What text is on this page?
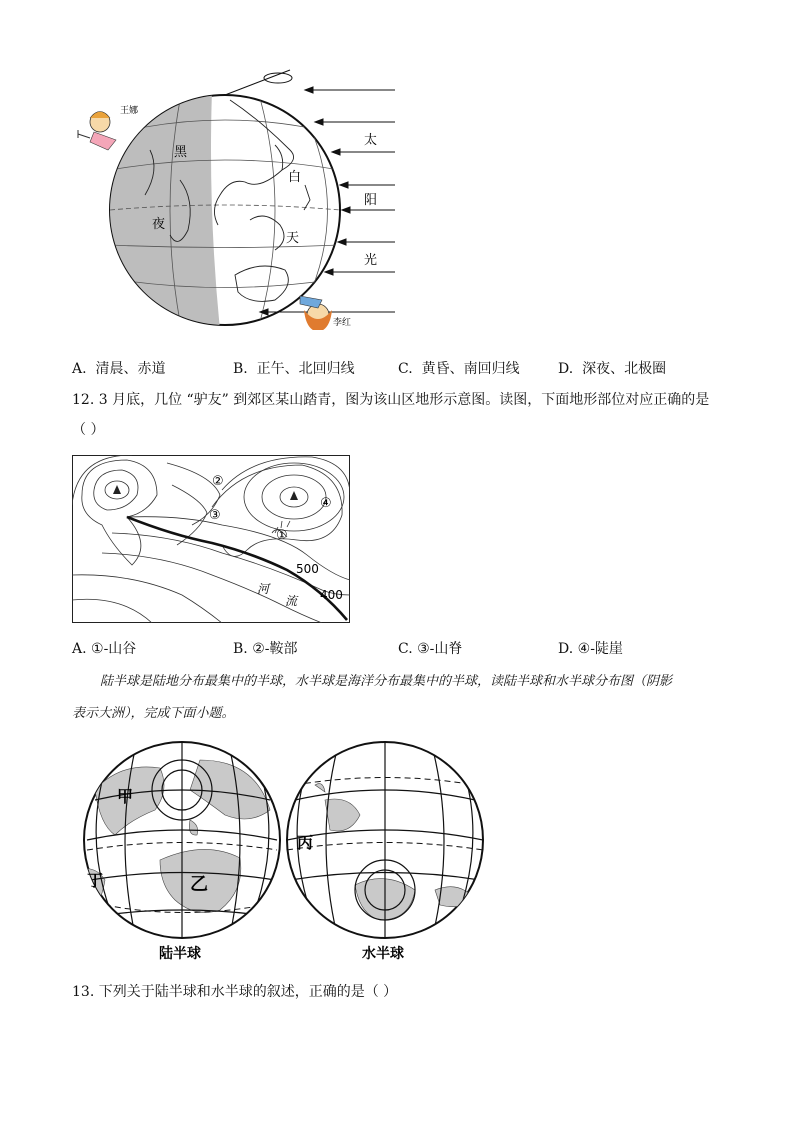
黑
夜
白
天
太
阳
光
王娜
李红
A. 清晨、赤道	B. 正午、北回归线	C. 黄昏、南回归线	D. 深夜、北极圈
12. 3 月底，几位 “驴友” 到郊区某山踏青，图为该山区地形示意图。读图，下面地形部位对应正确的是
（ ）
②
③
①
④
500
400
河
流
A. ①-山谷	B. ②-鞍部	C. ③-山脊	D. ④-陡崖
陆半球是陆地分布最集中的半球，水半球是海洋分布最集中的半球，读陆半球和水半球分布图（阴影
表示大洲），完成下面小题。
甲
乙
丁
陆半球
丙
水半球
13. 下列关于陆半球和水半球的叙述，正确的是（ ）
